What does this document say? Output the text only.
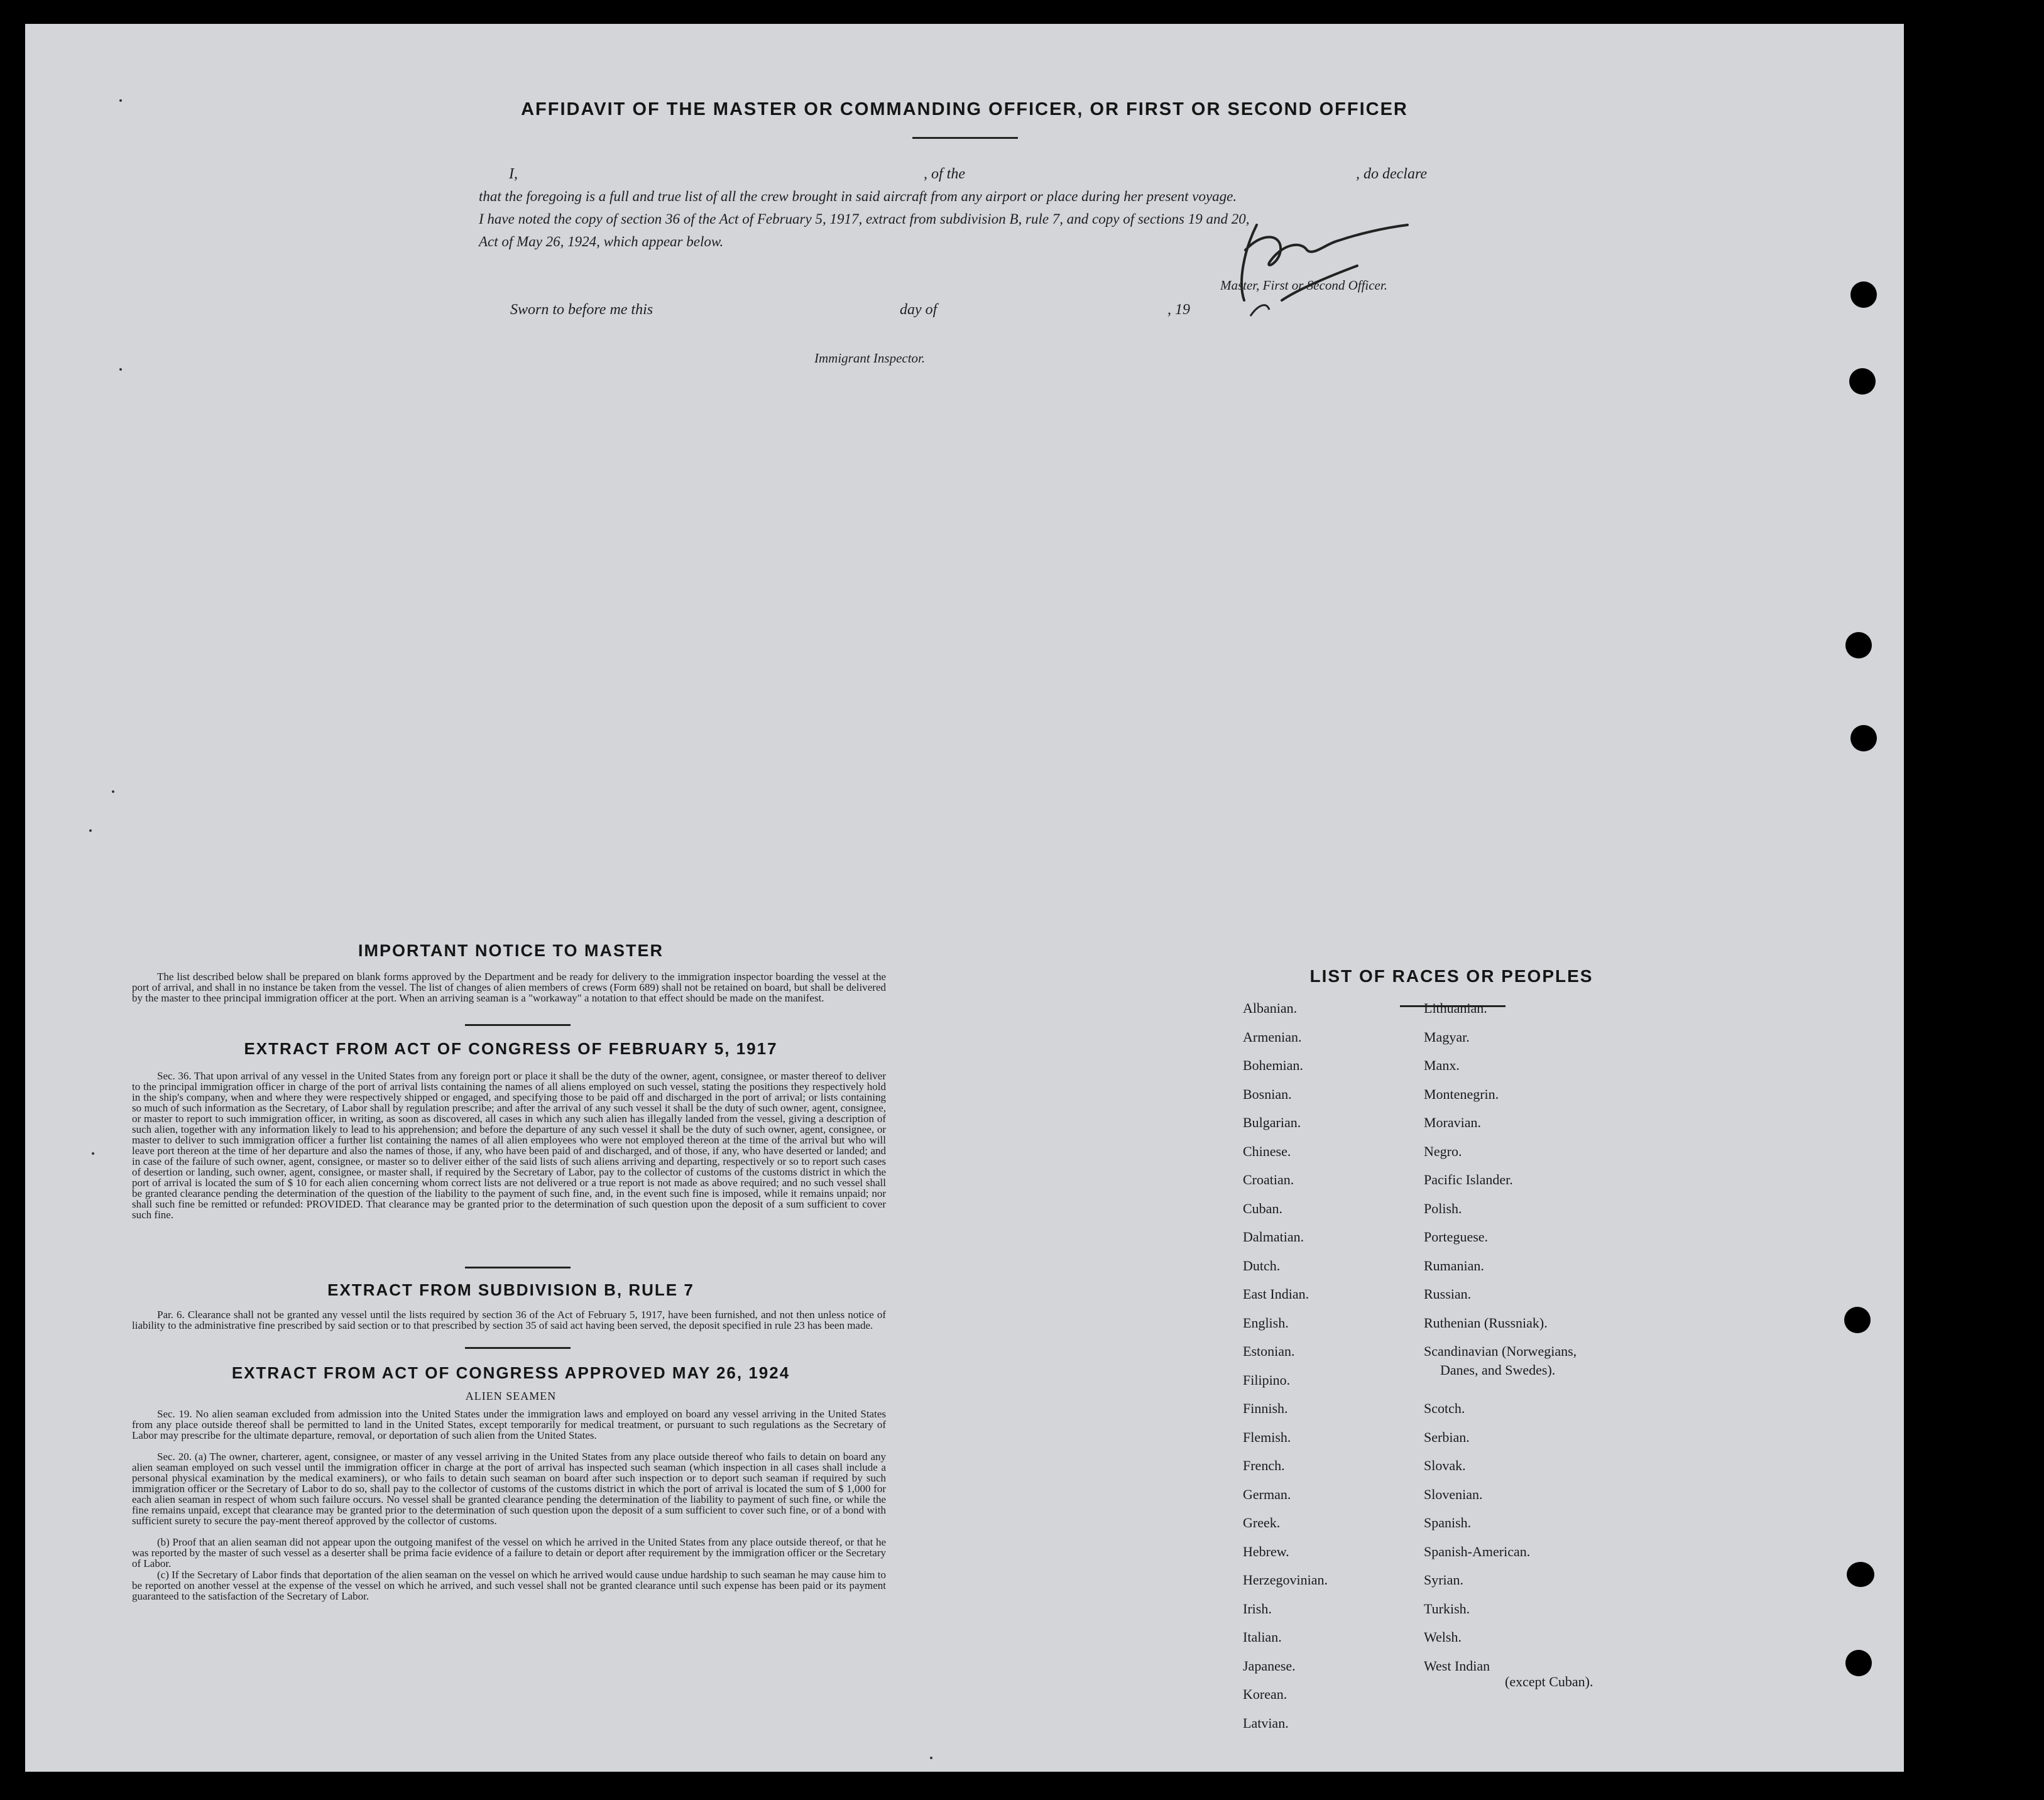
AFFIDAVIT OF THE MASTER OR COMMANDING OFFICER, OR FIRST OR SECOND OFFICER
I,	, of the	, do declare
that the foregoing is a full and true list of all the crew brought in said aircraft from any airport or place during her present voyage.
I have noted the copy of section 36 of the Act of February 5, 1917, extract from subdivision B, rule 7, and copy of sections 19 and 20,
Act of May 26, 1924, which appear below.
Master, First or Second Officer.
Sworn to before me this	day of	, 19
Immigrant Inspector.
IMPORTANT NOTICE TO MASTER

The list described below shall be prepared on blank forms approved by the Department and be ready for delivery to the immigration inspector boarding the vessel at the port of arrival, and shall in no instance be taken from the vessel. The list of changes of alien members of crews (Form 689) shall not be retained on board, but shall be delivered by the master to thee principal immigration officer at the port. When an arriving seaman is a "workaway" a notation to that effect should be made on the manifest.

EXTRACT FROM ACT OF CONGRESS OF FEBRUARY 5, 1917

Sec. 36. That upon arrival of any vessel in the United States from any foreign port or place it shall be the duty of the owner, agent, consignee, or master thereof to deliver to the principal immigration officer in charge of the port of arrival lists containing the names of all aliens employed on such vessel, stating the positions they respectively hold in the ship's company, when and where they were respectively shipped or engaged, and specifying those to be paid off and discharged in the port of arrival; or lists containing so much of such information as the Secretary, of Labor shall by regulation prescribe; and after the arrival of any such vessel it shall be the duty of such owner, agent, consignee, or master to report to such immigration officer, in writing, as soon as discovered, all cases in which any such alien has illegally landed from the vessel, giving a description of such alien, together with any information likely to lead to his apprehension; and before the departure of any such vessel it shall be the duty of such owner, agent, consignee, or master to deliver to such immigration officer a further list containing the names of all alien employees who were not employed thereon at the time of the arrival but who will leave port thereon at the time of her departure and also the names of those, if any, who have been paid of and discharged, and of those, if any, who have deserted or landed; and in case of the failure of such owner, agent, consignee, or master so to deliver either of the said lists of such aliens arriving and departing, respectively or so to report such cases of desertion or landing, such owner, agent, consignee, or master shall, if required by the Secretary of Labor, pay to the collector of customs of the customs district in which the port of arrival is located the sum of $ 10 for each alien concerning whom correct lists are not delivered or a true report is not made as above required; and no such vessel shall be granted clearance pending the determination of the question of the liability to the payment of such fine, and, in the event such fine is imposed, while it remains unpaid; nor shall such fine be remitted or refunded: PROVIDED. That clearance may be granted prior to the determination of such question upon the deposit of a sum sufficient to cover such fine.

EXTRACT FROM SUBDIVISION B, RULE 7

Par. 6. Clearance shall not be granted any vessel until the lists required by section 36 of the Act of February 5, 1917, have been furnished, and not then unless notice of liability to the administrative fine prescribed by said section or to that prescribed by section 35 of said act having been served, the deposit specified in rule 23 has been made.

EXTRACT FROM ACT OF CONGRESS APPROVED MAY 26, 1924
ALIEN SEAMEN

Sec. 19. No alien seaman excluded from admission into the United States under the immigration laws and employed on board any vessel arriving in the United States from any place outside thereof shall be permitted to land in the United States, except temporarily for medical treatment, or pursuant to such regulations as the Secretary of Labor may prescribe for the ultimate departure, removal, or deportation of such alien from the United States.

Sec. 20. (a) The owner, charterer, agent, consignee, or master of any vessel arriving in the United States from any place outside thereof who fails to detain on board any alien seaman employed on such vessel until the immigration officer in charge at the port of arrival has inspected such seaman (which inspection in all cases shall include a personal physical examination by the medical examiners), or who fails to detain such seaman on board after such inspection or to deport such seaman if required by such immigration officer or the Secretary of Labor to do so, shall pay to the collector of customs of the customs district in which the port of arrival is located the sum of $ 1,000 for each alien seaman in respect of whom such failure occurs. No vessel shall be granted clearance pending the determination of the liability to payment of such fine, or while the fine remains unpaid, except that clearance may be granted prior to the determination of such question upon the deposit of a sum sufficient to cover such fine, or of a bond with sufficient surety to secure the pay-ment thereof approved by the collector of customs.

(b) Proof that an alien seaman did not appear upon the outgoing manifest of the vessel on which he arrived in the United States from any place outside thereof, or that he was reported by the master of such vessel as a deserter shall be prima facie evidence of a failure to detain or deport after requirement by the immigration officer or the Secretary of Labor.

(c) If the Secretary of Labor finds that deportation of the alien seaman on the vessel on which he arrived would cause undue hardship to such seaman he may cause him to be reported on another vessel at the expense of the vessel on which he arrived, and such vessel shall not be granted clearance until such expense has been paid or its payment guaranteed to the satisfaction of the Secretary of Labor.

LIST OF RACES OR PEOPLES
Danes, and Swedes).
(except Cuban).
Albanian.
Armenian.
Bohemian.
Bosnian.
Bulgarian.
Chinese.
Croatian.
Cuban.
Dalmatian.
Dutch.
East Indian.
English.
Estonian.
Filipino.
Finnish.
Flemish.
French.
German.
Greek.
Hebrew.
Herzegovinian.
Irish.
Italian.
Japanese.
Korean.
Latvian.
Lithuanian.
Magyar.
Manx.
Montenegrin.
Moravian.
Negro.
Pacific Islander.
Polish.
Porteguese.
Rumanian.
Russian.
Ruthenian (Russniak).
Scandinavian (Norwegians,
Scotch.
Serbian.
Slovak.
Slovenian.
Spanish.
Spanish-American.
Syrian.
Turkish.
Welsh.
West Indian
